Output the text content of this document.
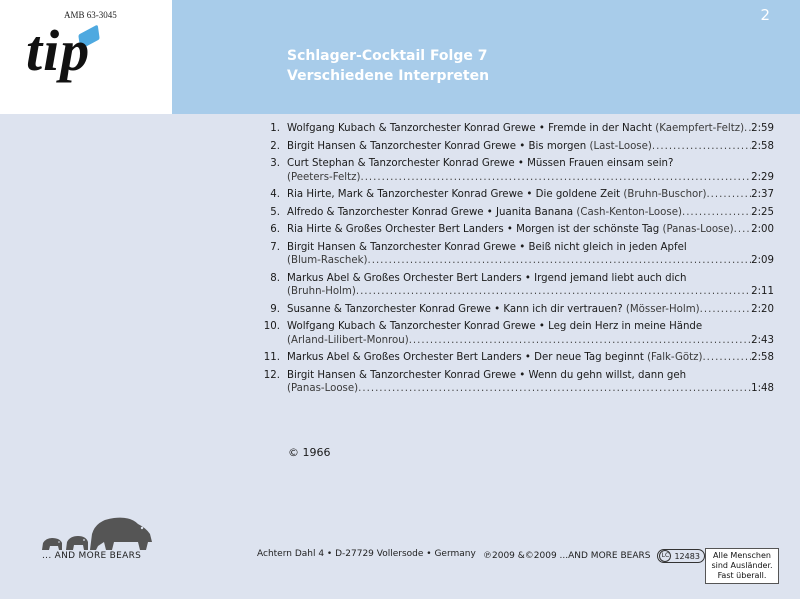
AMB 63-3045
tip
2
Schlager-Cocktail Folge 7
Verschiedene Interpreten
1. Wolfgang Kubach & Tanzorchester Konrad Grewe • Fremde in der Nacht
(Kaempfert-Feltz) ..... 2:59
2. Birgit Hansen & Tanzorchester Konrad Grewe • Bis morgen
(Last-Loose) .....	2:58
3. Curt Stephan & Tanzorchester Konrad Grewe • Müssen Frauen einsam sein?
(Peeters-Feltz) .....	2:29
4. Ria Hirte, Mark & Tanzorchester Konrad Grewe • Die goldene Zeit
(Bruhn-Buschor) .....	2:37
5. Alfredo & Tanzorchester Konrad Grewe • Juanita Banana
(Cash-Kenton-Loose) .....	2:25
6. Ria Hirte & Großes Orchester Bert Landers • Morgen ist der schönste Tag
(Panas-Loose) ..... 2:00
7. Birgit Hansen & Tanzorchester Konrad Grewe • Beiß nicht gleich in jeden Apfel
(Blum-Raschek) .....	2:09
8. Markus Abel & Großes Orchester Bert Landers • Irgend jemand liebt auch dich
(Bruhn-Holm) .....	2:11
9. Susanne & Tanzorchester Konrad Grewe • Kann ich dir vertrauen?
(Mösser-Holm) .....	2:20
10. Wolfgang Kubach & Tanzorchester Konrad Grewe • Leg dein Herz in meine Hände
(Arland-Lilibert-Monrou) .....	2:43
11. Markus Abel & Großes Orchester Bert Landers • Der neue Tag beginnt
(Falk-Götz) .....	2:58
12. Birgit Hansen & Tanzorchester Konrad Grewe • Wenn du gehn willst, dann geh
(Panas-Loose) .....	1:48
© 1966
... AND MORE BEARS	Achtern Dahl 4 • D-27729 Vollersode • Germany ℗2009 &©2009 ...AND MORE BEARS	LC 12483	Alle Menschen
sind Ausländer.
Fast überall.
